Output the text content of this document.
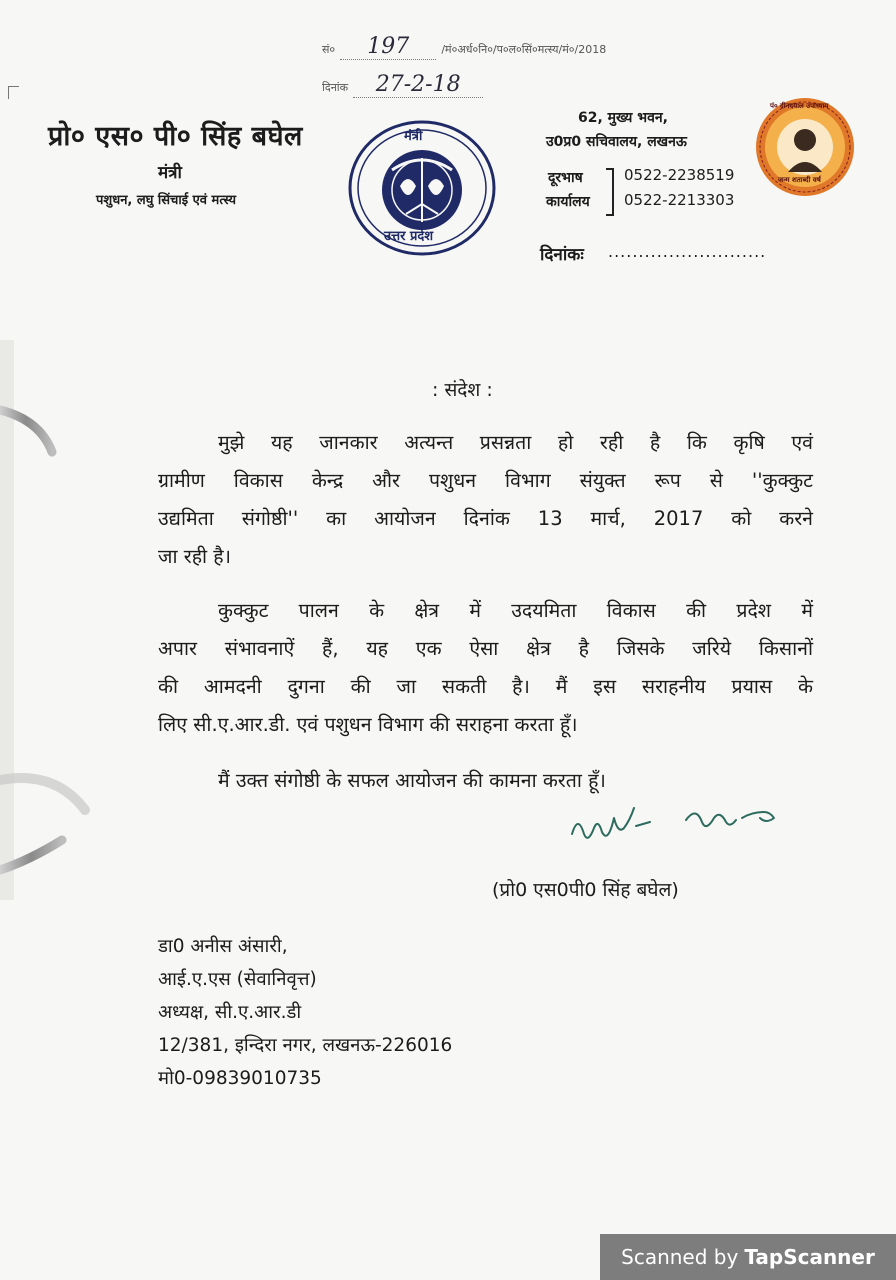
सं० 197	/मं०अर्ध०नि०/प०ल०सिं०मत्स्य/मं०/2018
दिनांक 27-2-18
प्रो० एस० पी० सिंह बघेल
मंत्री
पशुधन, लघु सिंचाई एवं मत्स्य
मंत्री
उत्तर प्रदेश
62, मुख्य भवन,
उ0प्र0 सचिवालय, लखनऊ
दूरभाष
कार्यालय
0522-2238519
0522-2213303
दिनांकः ..........................
पं० दीनदयाल उपाध्याय
जन्म शताब्दी वर्ष
: संदेश :
मुझे यह जानकार अत्यन्त प्रसन्नता हो रही है कि कृषि एवं
ग्रामीण विकास केन्द्र और पशुधन विभाग संयुक्त रूप से ''कुक्कुट
उद्यमिता संगोष्ठी'' का आयोजन दिनांक 13 मार्च, 2017 को करने
जा रही है।
कुक्कुट पालन के क्षेत्र में उदयमिता विकास की प्रदेश में
अपार संभावनाऐं हैं, यह एक ऐसा क्षेत्र है जिसके जरिये किसानों
की आमदनी दुगना की जा सकती है। मैं इस सराहनीय प्रयास के
लिए सी.ए.आर.डी. एवं पशुधन विभाग की सराहना करता हूँ।
मैं उक्त संगोष्ठी के सफल आयोजन की कामना करता हूँ।
(प्रो0 एस0पी0 सिंह बघेल)
डा0 अनीस अंसारी,
आई.ए.एस (सेवानिवृत्त)
अध्यक्ष, सी.ए.आर.डी
12/381, इन्दिरा नगर, लखनऊ-226016
मो0-09839010735
Scanned by TapScanner
